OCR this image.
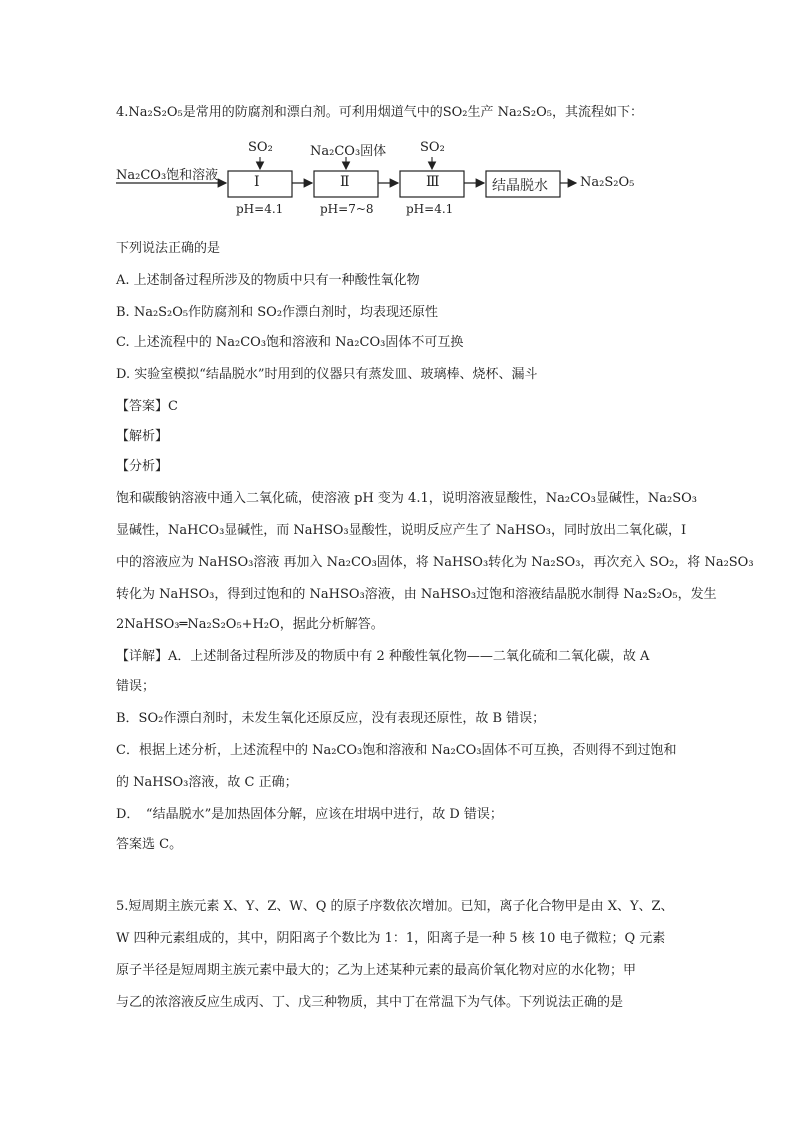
4.Na₂S₂O₅是常用的防腐剂和漂白剂。可利用烟道气中的SO₂生产 Na₂S₂O₅，其流程如下：
Na₂CO₃饱和溶液	Ⅰ	Ⅱ	Ⅲ	结晶脱水
SO₂	Na₂CO₃固体	SO₂
pH=4.1	pH=7~8	pH=4.1
Na₂S₂O₅
下列说法正确的是
A. 上述制备过程所涉及的物质中只有一种酸性氧化物
B. Na₂S₂O₅作防腐剂和 SO₂作漂白剂时，均表现还原性
C. 上述流程中的 Na₂CO₃饱和溶液和 Na₂CO₃固体不可互换
D. 实验室模拟“结晶脱水”时用到的仪器只有蒸发皿、玻璃棒、烧杯、漏斗
【答案】C
【解析】
【分析】
饱和碳酸钠溶液中通入二氧化硫，使溶液 pH 变为 4.1，说明溶液显酸性，Na₂CO₃显碱性，Na₂SO₃
显碱性，NaHCO₃显碱性，而 NaHSO₃显酸性，说明反应产生了 NaHSO₃，同时放出二氧化碳，Ⅰ
中的溶液应为 NaHSO₃溶液 再加入 Na₂CO₃固体，将 NaHSO₃转化为 Na₂SO₃，再次充入 SO₂，将 Na₂SO₃
转化为 NaHSO₃，得到过饱和的 NaHSO₃溶液，由 NaHSO₃过饱和溶液结晶脱水制得 Na₂S₂O₅，发生
2NaHSO₃═Na₂S₂O₅+H₂O，据此分析解答。
【详解】A．上述制备过程所涉及的物质中有 2 种酸性氧化物——二氧化硫和二氧化碳，故 A
错误；
B．SO₂作漂白剂时，未发生氧化还原反应，没有表现还原性，故 B 错误；
C．根据上述分析，上述流程中的 Na₂CO₃饱和溶液和 Na₂CO₃固体不可互换，否则得不到过饱和
的 NaHSO₃溶液，故 C 正确；
D．　“结晶脱水”是加热固体分解，应该在坩埚中进行，故 D 错误；
答案选 C。
5.短周期主族元素 X、Y、Z、W、Q 的原子序数依次增加。已知，离子化合物甲是由 X、Y、Z、
W 四种元素组成的，其中，阴阳离子个数比为 1：1，阳离子是一种 5 核 10 电子微粒；Q 元素
原子半径是短周期主族元素中最大的；乙为上述某种元素的最高价氧化物对应的水化物；甲
与乙的浓溶液反应生成丙、丁、戊三种物质，其中丁在常温下为气体。下列说法正确的是
